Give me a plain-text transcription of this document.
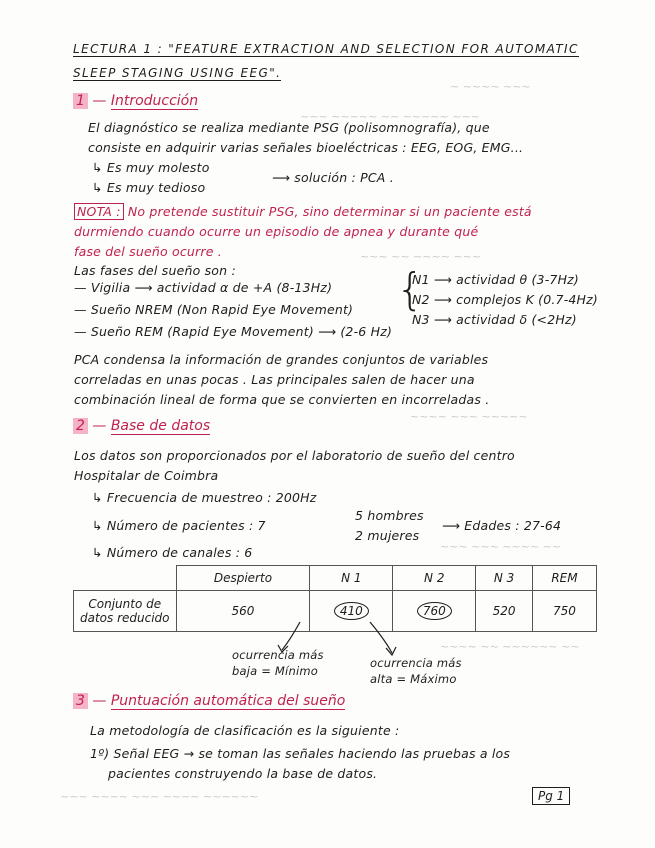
~ ~~~~ ~~~
~~~ ~~~~~ ~~ ~~~~~ ~~~
~~~ ~~ ~~~~ ~~~
~~~~ ~~~ ~~~~~
~~~ ~~~ ~~~~ ~~
~~~~ ~~ ~~~~~~ ~~
~~~ ~~~~ ~~~ ~~~~ ~~~~~~
LECTURA 1 : "FEATURE EXTRACTION AND SELECTION FOR AUTOMATIC
SLEEP STAGING USING EEG".
1 — Introducción
El diagnóstico se realiza mediante PSG (polisomnografía), que
consiste en adquirir varias señales bioeléctricas : EEG, EOG, EMG...
↳ Es muy molesto
↳ Es muy tedioso
⟶ solución : PCA .
NOTA : No pretende sustituir PSG, sino determinar si un paciente está
durmiendo cuando ocurre un episodio de apnea y durante qué
fase del sueño ocurre .
Las fases del sueño son :
— Vigilia ⟶ actividad α de +A (8-13Hz)
— Sueño NREM (Non Rapid Eye Movement)
— Sueño REM (Rapid Eye Movement) ⟶ (2-6 Hz)
{
N1 ⟶ actividad θ (3-7Hz)
N2 ⟶ complejos K (0.7-4Hz)
N3 ⟶ actividad δ (<2Hz)
PCA condensa la información de grandes conjuntos de variables
correladas en unas pocas . Las principales salen de hacer una
combinación lineal de forma que se convierten en incorreladas .
2 — Base de datos
Los datos son proporcionados por el laboratorio de sueño del centro
Hospitalar de Coimbra
↳ Frecuencia de muestreo : 200Hz
↳ Número de pacientes : 7
5 hombres
2 mujeres
⟶ Edades : 27-64
↳ Número de canales : 6
	Despierto	N 1	N 2	N 3	REM

Conjunto de
datos reducido	560	410	760	520	750
ocurrencia más
baja = Mínimo
ocurrencia más
alta = Máximo
3 — Puntuación automática del sueño
La metodología de clasificación es la siguiente :
1º) Señal EEG → se toman las señales haciendo las pruebas a los
pacientes construyendo la base de datos.
Pg 1
